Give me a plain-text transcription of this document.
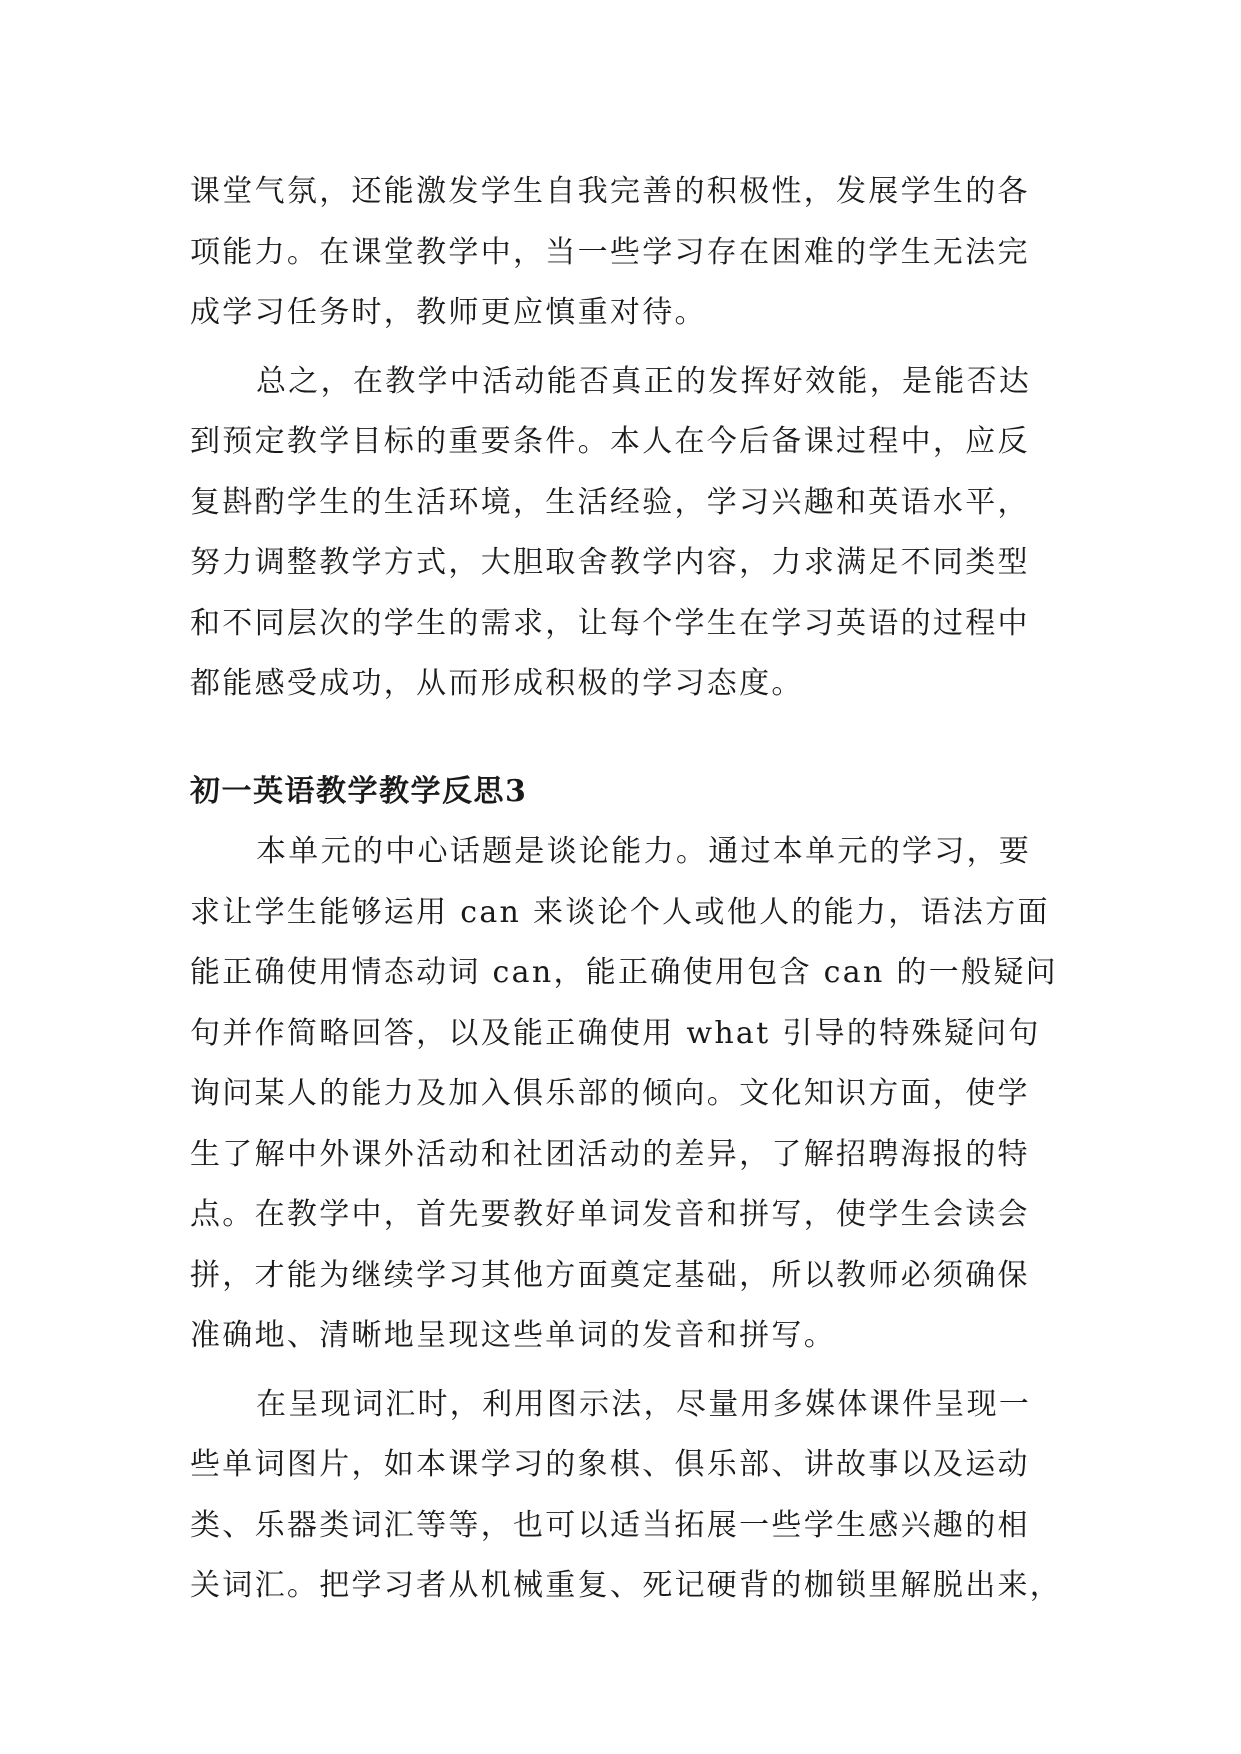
课堂气氛，还能激发学生自我完善的积极性，发展学生的各
项能力。在课堂教学中，当一些学习存在困难的学生无法完
成学习任务时，教师更应慎重对待。
总之，在教学中活动能否真正的发挥好效能，是能否达
到预定教学目标的重要条件。本人在今后备课过程中，应反
复斟酌学生的生活环境，生活经验，学习兴趣和英语水平，
努力调整教学方式，大胆取舍教学内容，力求满足不同类型
和不同层次的学生的需求，让每个学生在学习英语的过程中
都能感受成功，从而形成积极的学习态度。
初一英语教学教学反思3
本单元的中心话题是谈论能力。通过本单元的学习，要
求让学生能够运用 can 来谈论个人或他人的能力，语法方面
能正确使用情态动词 can，能正确使用包含 can 的一般疑问
句并作简略回答，以及能正确使用 what 引导的特殊疑问句
询问某人的能力及加入俱乐部的倾向。文化知识方面，使学
生了解中外课外活动和社团活动的差异，了解招聘海报的特
点。在教学中，首先要教好单词发音和拼写，使学生会读会
拼，才能为继续学习其他方面奠定基础，所以教师必须确保
准确地、清晰地呈现这些单词的发音和拼写。
在呈现词汇时，利用图示法，尽量用多媒体课件呈现一
些单词图片，如本课学习的象棋、俱乐部、讲故事以及运动
类、乐器类词汇等等，也可以适当拓展一些学生感兴趣的相
关词汇。把学习者从机械重复、死记硬背的枷锁里解脱出来，
